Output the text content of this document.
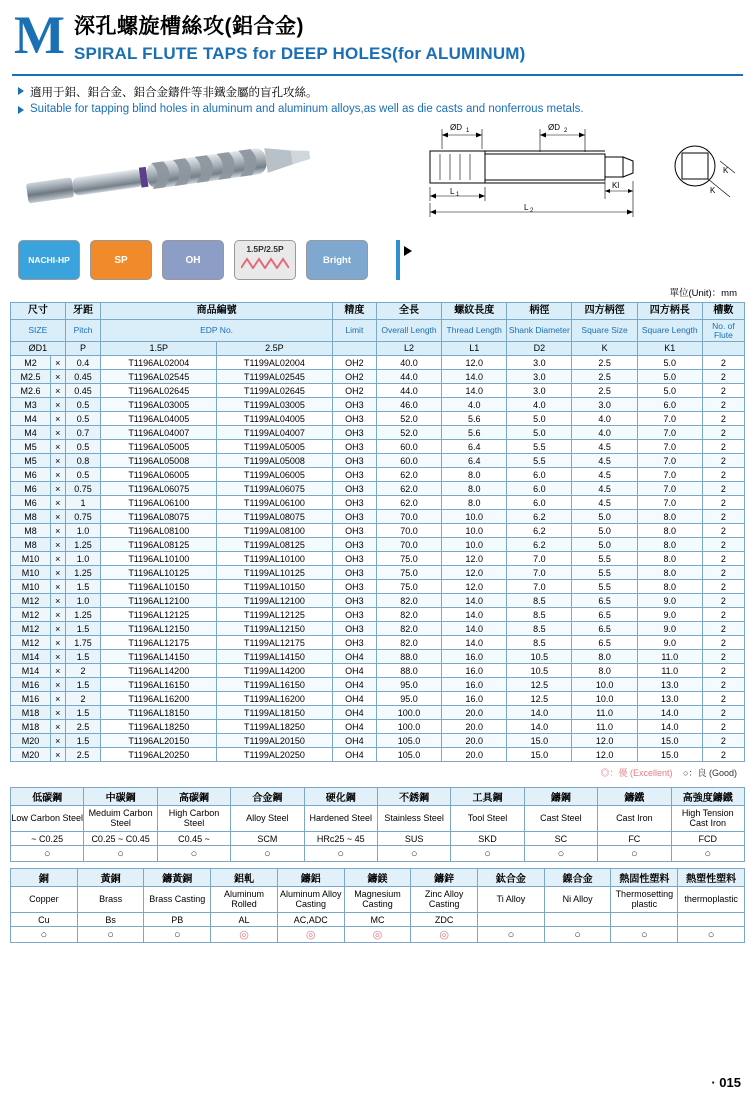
M 深孔螺旋槽絲攻(鋁合金)
SPIRAL FLUTE TAPS for DEEP HOLES(for ALUMINUM)
適用于鋁、鋁合金、鋁合金鑄件等非鐵金屬的盲孔攻絲。
Suitable for tapping blind holes in aluminum and aluminum alloys,as well as die casts and nonferrous metals.
ØD 1	ØD 2
L 1
L 2
Kl
K
K
NACHI-HP	SP	OH
1.5P/2.5P
Bright
單位(Unit)：mm
尺寸		牙距	商品編號		精度	全長	螺紋長度	柄徑	四方柄徑	四方柄長	槽數
SIZE		Pitch	EDP No.		Limit	Overall Length	Thread Length	Shank Diameter	Square Size	Square Length	No. of Flute
ØD1		P	1.5P	2.5P		L2	L1	D2	K	K1	
M2	×	0.4	T1196AL02004	T1199AL02004	OH2	40.0	12.0	3.0	2.5	5.0	2
M2.5	×	0.45	T1196AL02545	T1199AL02545	OH2	44.0	14.0	3.0	2.5	5.0	2
M2.6	×	0.45	T1196AL02645	T1199AL02645	OH2	44.0	14.0	3.0	2.5	5.0	2
M3	×	0.5	T1196AL03005	T1199AL03005	OH3	46.0	4.0	4.0	3.0	6.0	2
M4	×	0.5	T1196AL04005	T1199AL04005	OH3	52.0	5.6	5.0	4.0	7.0	2
M4	×	0.7	T1196AL04007	T1199AL04007	OH3	52.0	5.6	5.0	4.0	7.0	2
M5	×	0.5	T1196AL05005	T1199AL05005	OH3	60.0	6.4	5.5	4.5	7.0	2
M5	×	0.8	T1196AL05008	T1199AL05008	OH3	60.0	6.4	5.5	4.5	7.0	2
M6	×	0.5	T1196AL06005	T1199AL06005	OH3	62.0	8.0	6.0	4.5	7.0	2
M6	×	0.75	T1196AL06075	T1199AL06075	OH3	62.0	8.0	6.0	4.5	7.0	2
M6	×	1	T1196AL06100	T1199AL06100	OH3	62.0	8.0	6.0	4.5	7.0	2
M8	×	0.75	T1196AL08075	T1199AL08075	OH3	70.0	10.0	6.2	5.0	8.0	2
M8	×	1.0	T1196AL08100	T1199AL08100	OH3	70.0	10.0	6.2	5.0	8.0	2
M8	×	1.25	T1196AL08125	T1199AL08125	OH3	70.0	10.0	6.2	5.0	8.0	2
M10	×	1.0	T1196AL10100	T1199AL10100	OH3	75.0	12.0	7.0	5.5	8.0	2
M10	×	1.25	T1196AL10125	T1199AL10125	OH3	75.0	12.0	7.0	5.5	8.0	2
M10	×	1.5	T1196AL10150	T1199AL10150	OH3	75.0	12.0	7.0	5.5	8.0	2
M12	×	1.0	T1196AL12100	T1199AL12100	OH3	82.0	14.0	8.5	6.5	9.0	2
M12	×	1.25	T1196AL12125	T1199AL12125	OH3	82.0	14.0	8.5	6.5	9.0	2
M12	×	1.5	T1196AL12150	T1199AL12150	OH3	82.0	14.0	8.5	6.5	9.0	2
M12	×	1.75	T1196AL12175	T1199AL12175	OH3	82.0	14.0	8.5	6.5	9.0	2
M14	×	1.5	T1196AL14150	T1199AL14150	OH4	88.0	16.0	10.5	8.0	11.0	2
M14	×	2	T1196AL14200	T1199AL14200	OH4	88.0	16.0	10.5	8.0	11.0	2
M16	×	1.5	T1196AL16150	T1199AL16150	OH4	95.0	16.0	12.5	10.0	13.0	2
M16	×	2	T1196AL16200	T1199AL16200	OH4	95.0	16.0	12.5	10.0	13.0	2
M18	×	1.5	T1196AL18150	T1199AL18150	OH4	100.0	20.0	14.0	11.0	14.0	2
M18	×	2.5	T1196AL18250	T1199AL18250	OH4	100.0	20.0	14.0	11.0	14.0	2
M20	×	1.5	T1196AL20150	T1199AL20150	OH4	105.0	20.0	15.0	12.0	15.0	2
M20	×	2.5	T1196AL20250	T1199AL20250	OH4	105.0	20.0	15.0	12.0	15.0	2
◎：優 (Excellent) ○：良 (Good)
低碳鋼	中碳鋼	高碳鋼	合金鋼	硬化鋼	不銹鋼	工具鋼	鑄鋼	鑄鐵	高強度鑄鐵
Low Carbon Steel	Meduim Carbon Steel	High Carbon Steel	Alloy Steel	Hardened Steel	Stainless Steel	Tool Steel	Cast Steel	Cast Iron	High Tension Cast Iron
~ C0.25	C0.25 ~ C0.45	C0.45 ~	SCM	HRc25 ~ 45	SUS	SKD	SC	FC	FCD
○	○	○	○	○	○	○	○	○	○
銅	黃銅	鑄黃銅	鋁軋	鑄鋁	鑄鎂	鑄鋅	鈦合金	鎳合金	熱固性塑料	熱塑性塑料
Copper	Brass	Brass Casting	Aluminum Rolled	Aluminum Alloy Casting	Magnesium Casting	Zinc Alloy Casting	Ti Alloy	Ni Alloy	Thermosetting plastic	thermoplastic
Cu	Bs	PB	AL	AC,ADC	MC	ZDC				
○	○	○	◎	◎	◎	◎	○	○	○	○
· 015
